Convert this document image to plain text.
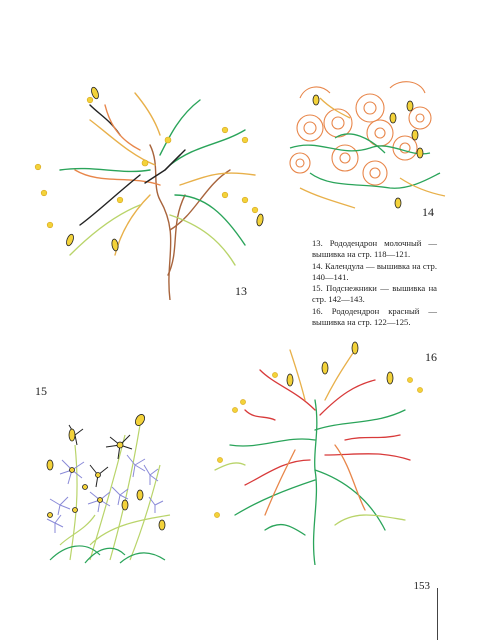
13
14

13. Рододендрон молочный — вышивка на стр. 118—121.

14. Календула — вышивка на стр. 140—141.

15. Подснежники — вышивка на стр. 142—143.

16. Рододендрон красный — вышивка на стр. 122—125.

15
16
153
